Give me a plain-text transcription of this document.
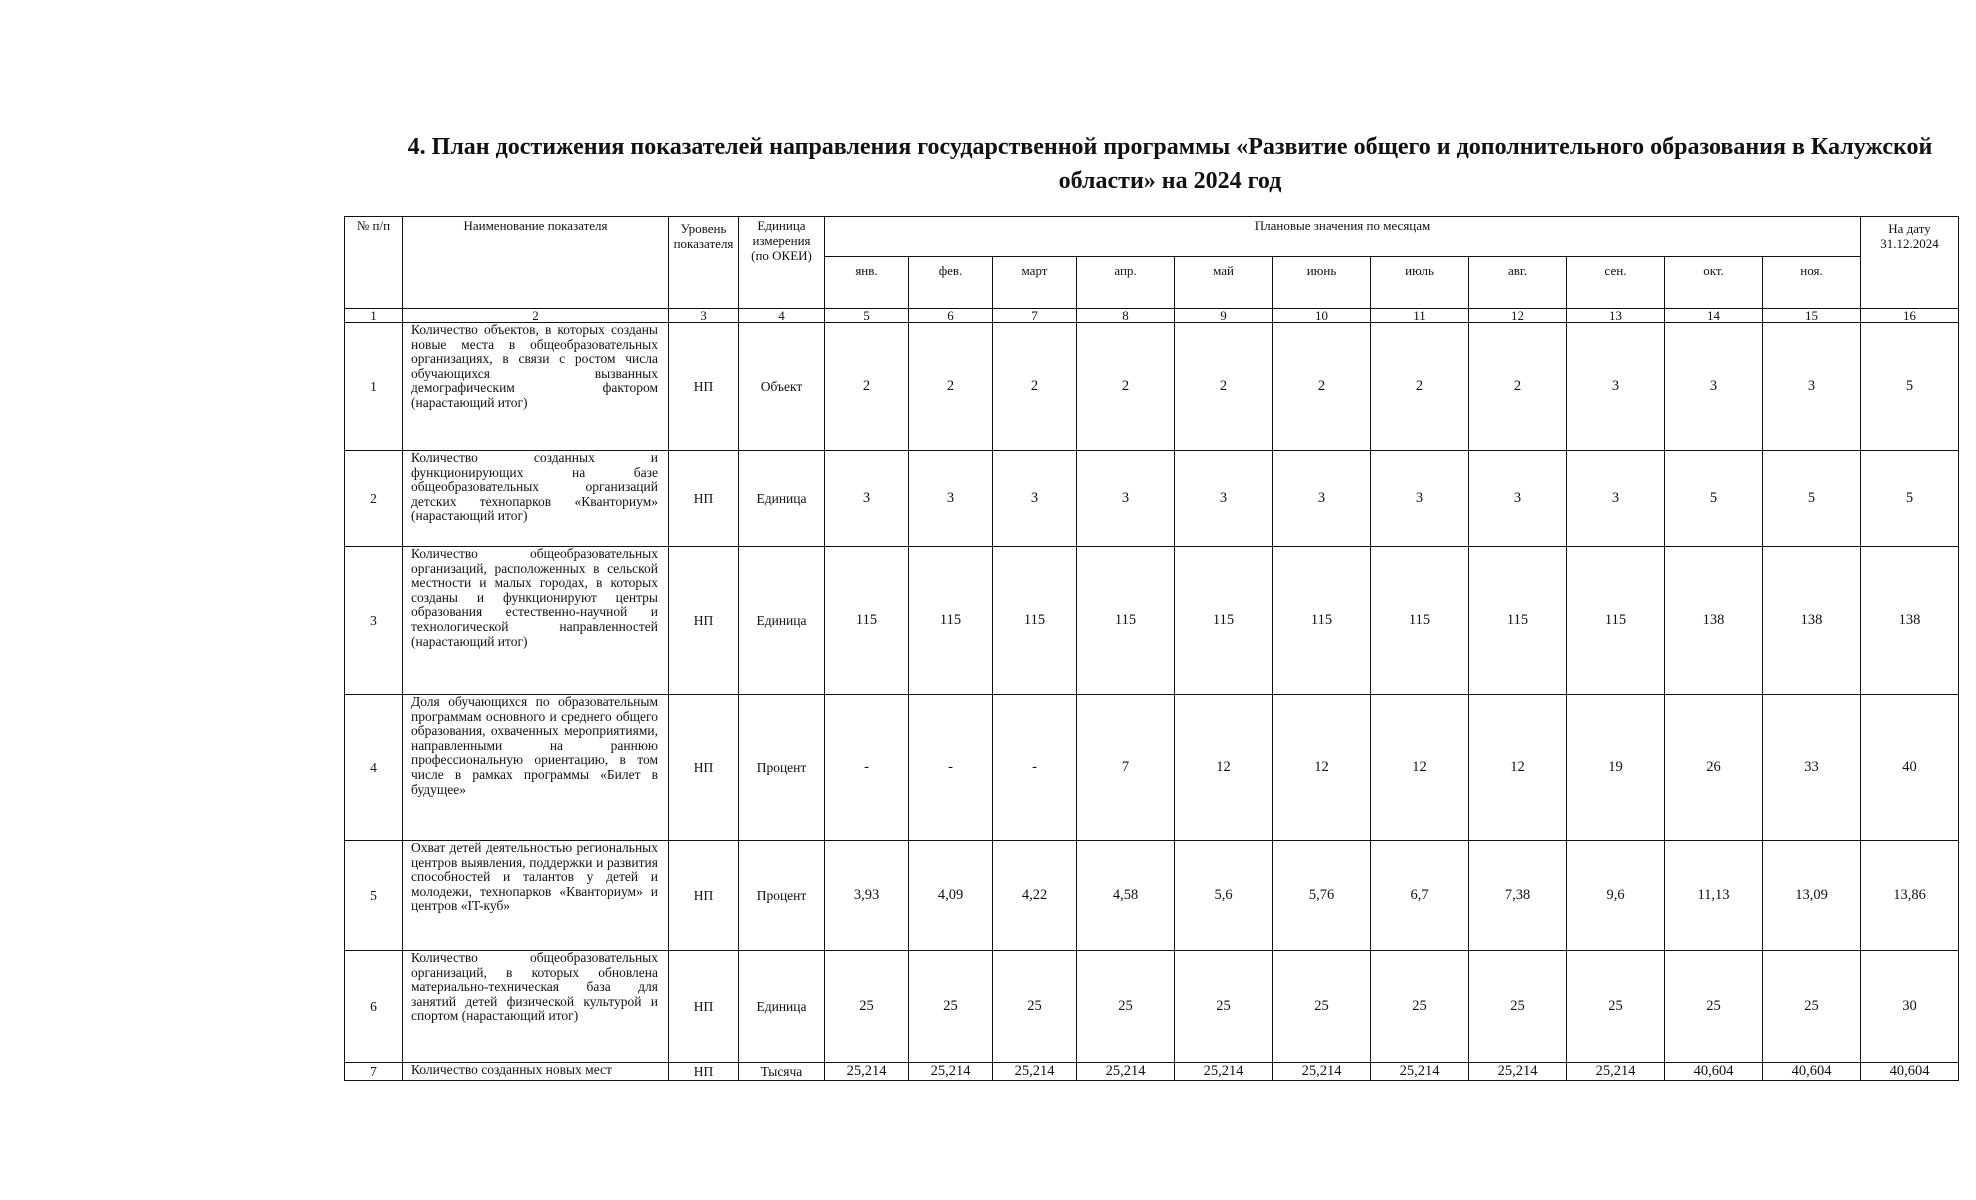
4. План достижения показателей направления государственной программы «Развитие общего и дополнительного образования в Калужской области» на 2024 год
№ п/п	Наименование показателя	Уровень показателя	Единица измерения (по ОКЕИ)	Плановые значения по месяцам											На дату 31.12.2024
				янв.	фев.	март	апр.	май	июнь	июль	авг.	сен.	окт.	ноя.	
1	2	3	4	5	6	7	8	9	10	11	12	13	14	15	16
1	Количество объектов, в которых созданы новые места в общеобразовательных организациях, в связи с ростом числа обучающихся вызванных демографическим фактором (нарастающий итог)	НП	Объект	2	2	2	2	2	2	2	2	3	3	3	5
2	Количество созданных и функционирующих на базе общеобразовательных организаций детских технопарков «Кванториум» (нарастающий итог)	НП	Единица	3	3	3	3	3	3	3	3	3	5	5	5
3	Количество общеобразовательных организаций, расположенных в сельской местности и малых городах, в которых созданы и функционируют центры образования естественно-научной и технологической направленностей (нарастающий итог)	НП	Единица	115	115	115	115	115	115	115	115	115	138	138	138
4	Доля обучающихся по образовательным программам основного и среднего общего образования, охваченных мероприятиями, направленными на раннюю профессиональную ориентацию, в том числе в рамках программы «Билет в будущее»	НП	Процент	-	-	-	7	12	12	12	12	19	26	33	40
5	Охват детей деятельностью региональных центров выявления, поддержки и развития способностей и талантов у детей и молодежи, технопарков «Кванториум» и центров «IT-куб»	НП	Процент	3,93	4,09	4,22	4,58	5,6	5,76	6,7	7,38	9,6	11,13	13,09	13,86
6	Количество общеобразовательных организаций, в которых обновлена материально-техническая база для занятий детей физической культурой и спортом (нарастающий итог)	НП	Единица	25	25	25	25	25	25	25	25	25	25	25	30
7	Количество созданных новых мест	НП	Тысяча	25,214	25,214	25,214	25,214	25,214	25,214	25,214	25,214	25,214	40,604	40,604	40,604
